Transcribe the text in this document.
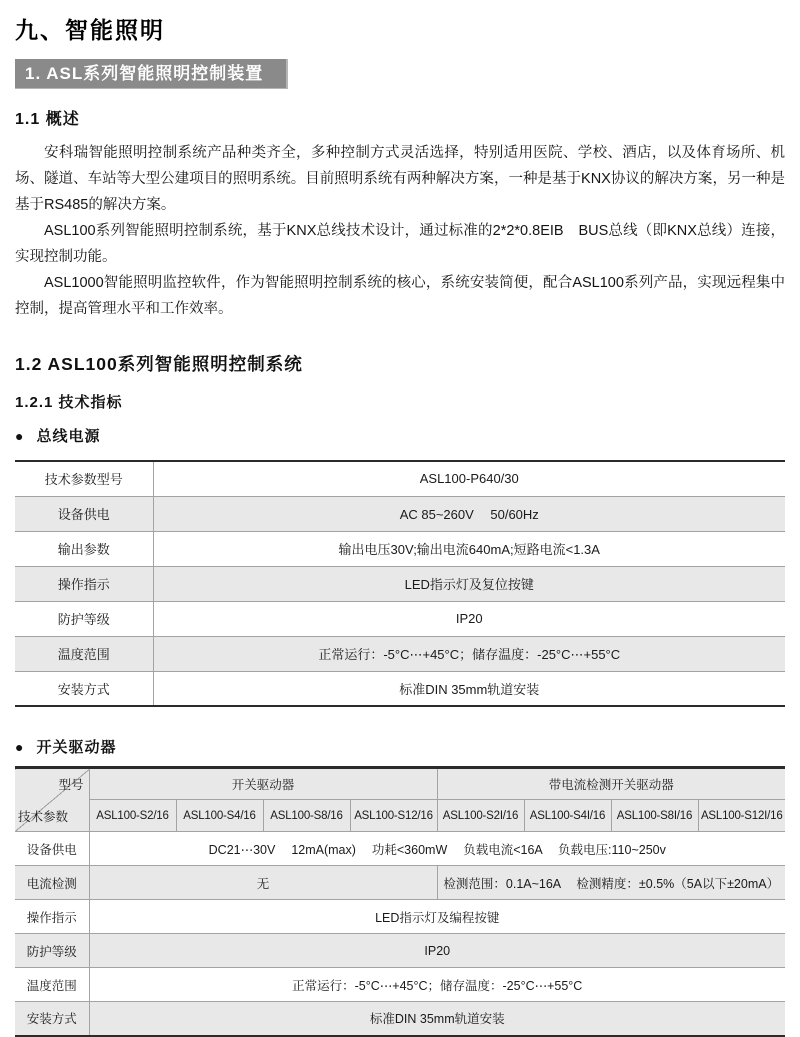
九、智能照明
1. ASL系列智能照明控制装置
1.1 概述

安科瑞智能照明控制系统产品种类齐全，多种控制方式灵活选择，特别适用医院、学校、酒店，以及体育场所、机场、隧道、车站等大型公建项目的照明系统。目前照明系统有两种解决方案，一种是基于KNX协议的解决方案，另一种是基于RS485的解决方案。

ASL100系列智能照明控制系统，基于KNX总线技术设计，通过标准的2*2*0.8EIB　BUS总线（即KNX总线）连接，实现控制功能。

ASL1000智能照明监控软件，作为智能照明控制系统的核心，系统安装简便，配合ASL100系列产品，实现远程集中控制，提高管理水平和工作效率。

1.2 ASL100系列智能照明控制系统
1.2.1 技术指标
● 总线电源
技术参数型号	ASL100-P640/30
设备供电	AC 85~260V　 50/60Hz
输出参数	输出电压30V;输出电流640mA;短路电流<1.3A
操作指示	LED指示灯及复位按键
防护等级	IP20
温度范围	正常运行：-5°C⋯+45°C；储存温度：-25°C⋯+55°C
安装方式	标准DIN 35mm轨道安装
● 开关驱动器
型号
技术参数	开关驱动器				带电流检测开关驱动器			
	ASL100-S2/16	ASL100-S4/16	ASL100-S8/16	ASL100-S12/16	ASL100-S2I/16	ASL100-S4I/16	ASL100-S8I/16	ASL100-S12I/16
设备供电	DC21⋯30V　 12mA(max)　 功耗<360mW　 负载电流<16A　 负载电压:110~250v							
电流检测	无				检测范围：0.1A~16A　 检测精度：±0.5%（5A以下±20mA）			
操作指示	LED指示灯及编程按键							
防护等级	IP20							
温度范围	正常运行：-5°C⋯+45°C；储存温度：-25°C⋯+55°C							
安装方式	标准DIN 35mm轨道安装							
